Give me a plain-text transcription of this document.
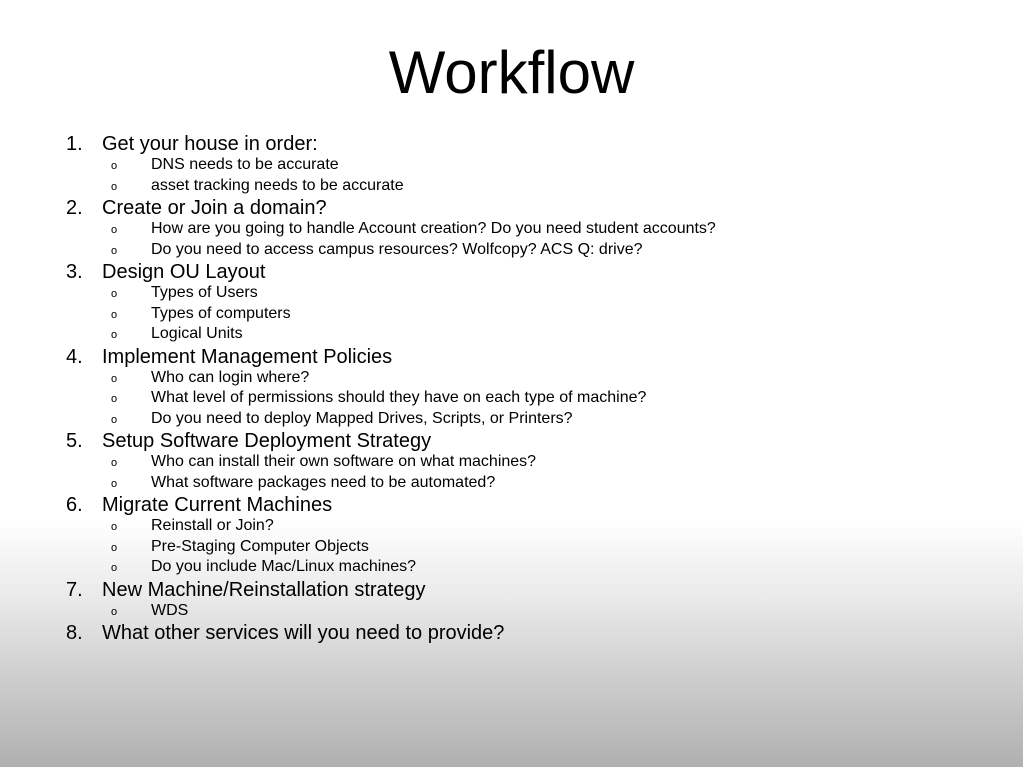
Workflow
1. Get your house in order:
o	DNS needs to be accurate
o	asset tracking needs to be accurate
2. Create or Join a domain?
o	How are you going to handle Account creation? Do you need student accounts?
o	Do you need to access campus resources? Wolfcopy? ACS Q: drive?
3. Design OU Layout
o	Types of Users
o	Types of computers
o	Logical Units
4. Implement Management Policies
o	Who can login where?
o	What level of permissions should they have on each type of machine?
o	Do you need to deploy Mapped Drives, Scripts, or Printers?
5. Setup Software Deployment Strategy
o	Who can install their own software on what machines?
o	What software packages need to be automated?
6. Migrate Current Machines
o	Reinstall or Join?
o	Pre-Staging Computer Objects
o	Do you include Mac/Linux machines?
7. New Machine/Reinstallation strategy
o	WDS
8. What other services will you need to provide?
